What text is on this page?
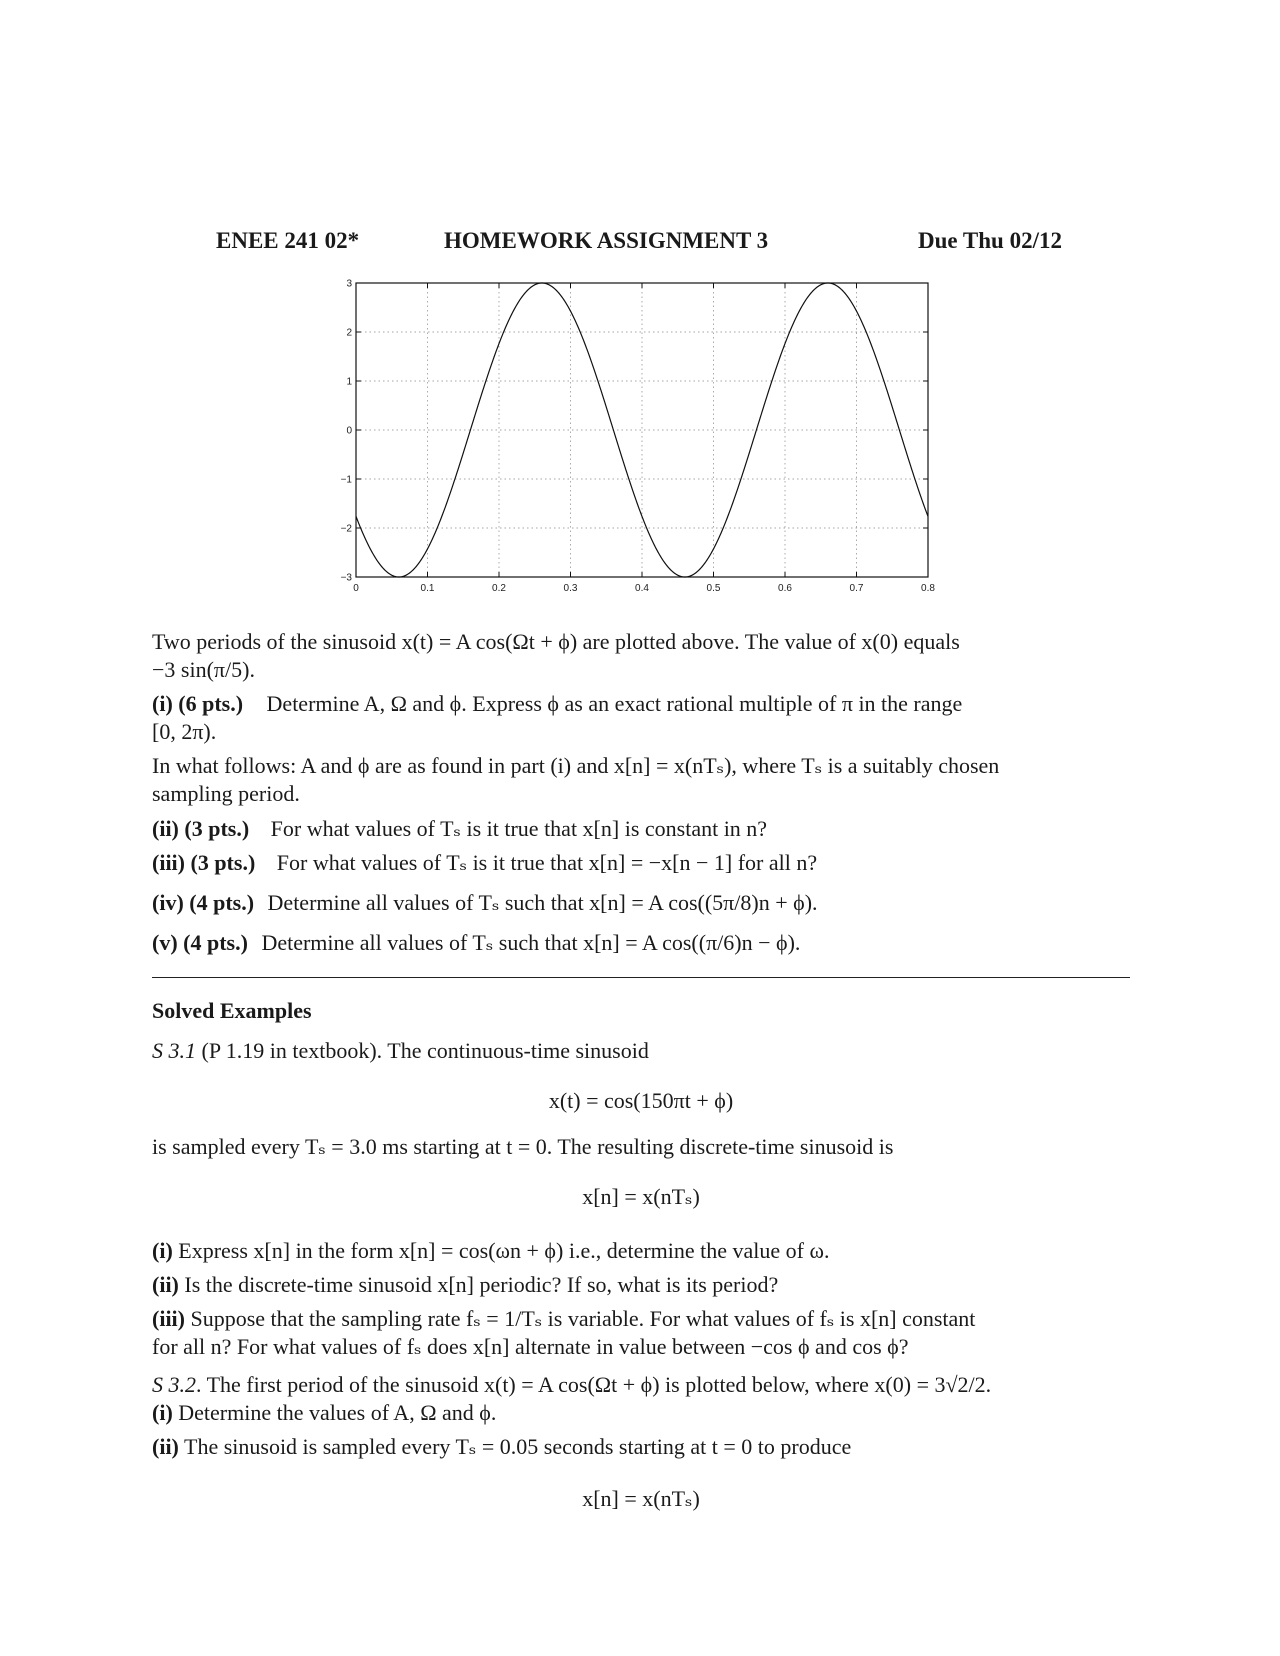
ENEE 241 02*	HOMEWORK ASSIGNMENT 3	Due Thu 02/12
0	0.1	0.2	0.3	0.4	0.5	0.6	0.7	0.8
3
2
1
0
−1
−2
−3
Two periods of the sinusoid x(t) = A cos(Ωt + ϕ) are plotted above. The value of x(0) equals
−3 sin(π/5).
(i) (6 pts.) Determine A, Ω and ϕ. Express ϕ as an exact rational multiple of π in the range
[0, 2π).
In what follows: A and ϕ are as found in part (i) and x[n] = x(nTₛ), where Tₛ is a suitably chosen
sampling period.
(ii) (3 pts.) For what values of Tₛ is it true that x[n] is constant in n?
(iii) (3 pts.) For what values of Tₛ is it true that x[n] = −x[n − 1] for all n?
(iv) (4 pts.) Determine all values of Tₛ such that x[n] = A cos((5π/8)n + ϕ).
(v) (4 pts.) Determine all values of Tₛ such that x[n] = A cos((π/6)n − ϕ).
Solved Examples
S 3.1 (P 1.19 in textbook). The continuous-time sinusoid
x(t) = cos(150πt + ϕ)
is sampled every Tₛ = 3.0 ms starting at t = 0. The resulting discrete-time sinusoid is
x[n] = x(nTₛ)
(i) Express x[n] in the form x[n] = cos(ωn + ϕ) i.e., determine the value of ω.
(ii) Is the discrete-time sinusoid x[n] periodic? If so, what is its period?
(iii) Suppose that the sampling rate fₛ = 1/Tₛ is variable. For what values of fₛ is x[n] constant
for all n? For what values of fₛ does x[n] alternate in value between −cos ϕ and cos ϕ?
S 3.2. The first period of the sinusoid x(t) = A cos(Ωt + ϕ) is plotted below, where x(0) = 3√2/2.
(i) Determine the values of A, Ω and ϕ.
(ii) The sinusoid is sampled every Tₛ = 0.05 seconds starting at t = 0 to produce
x[n] = x(nTₛ)
